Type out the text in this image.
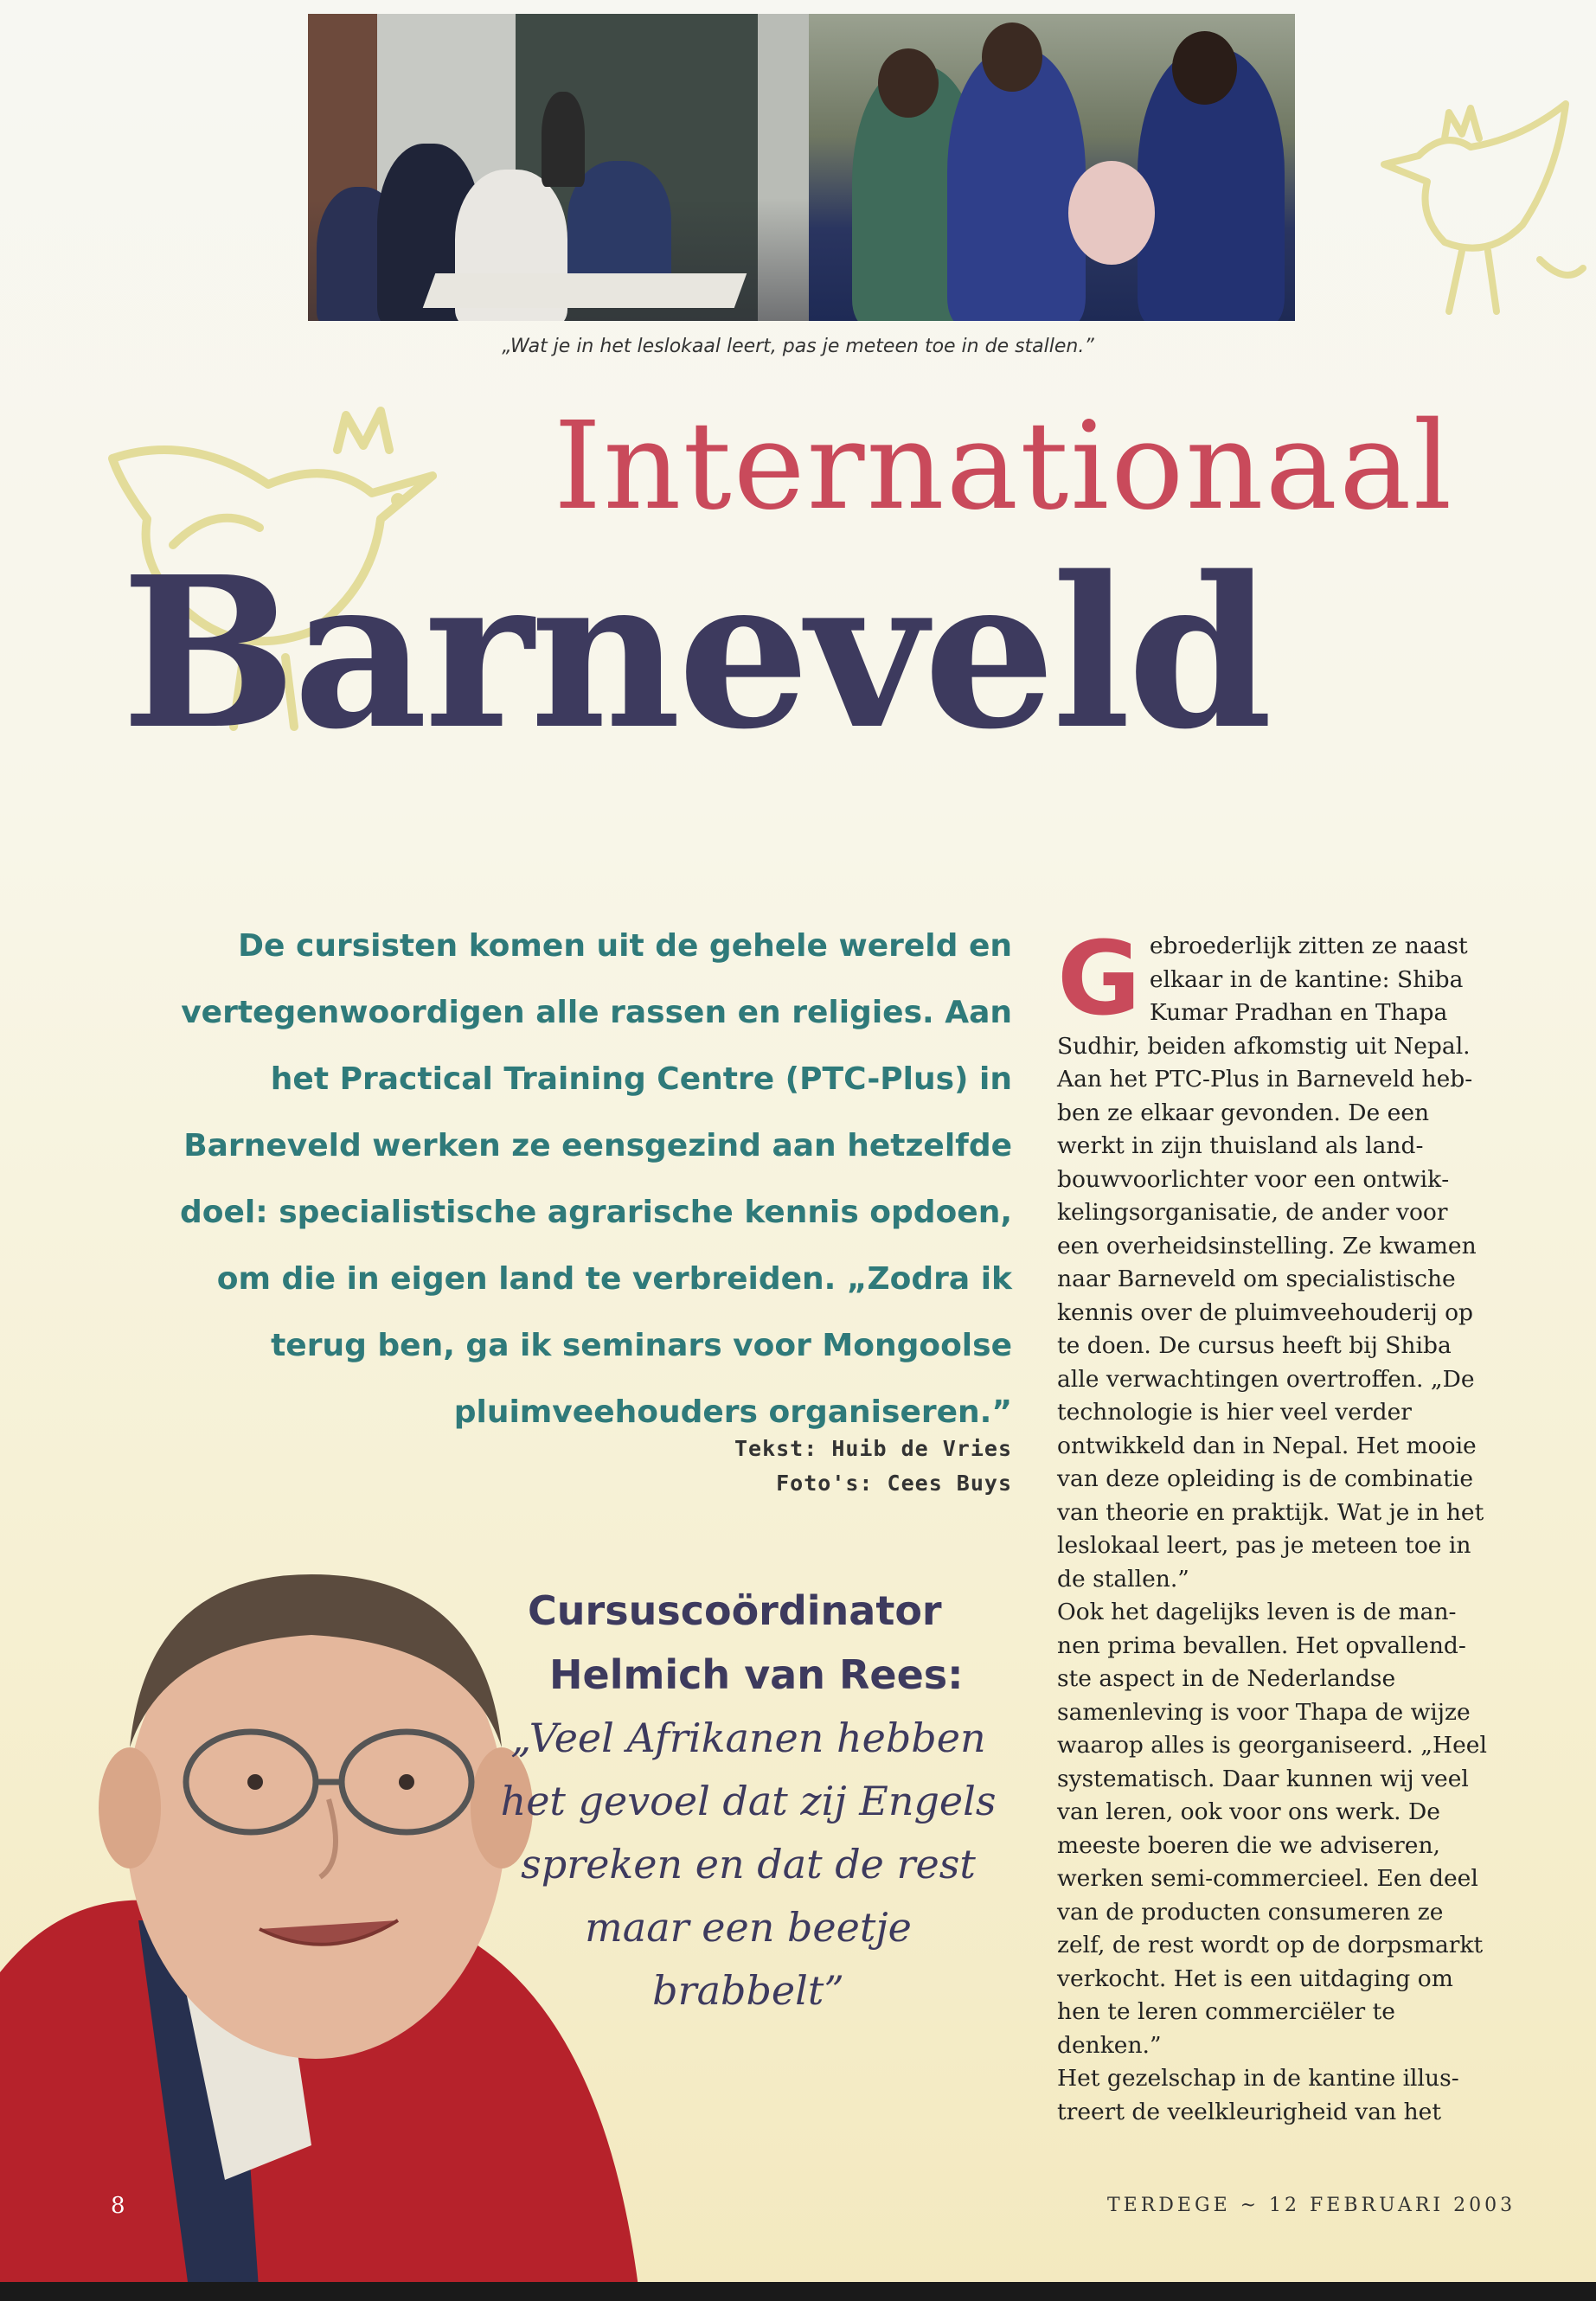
„Wat je in het leslokaal leert, pas je meteen toe in de stallen.”
Internationaal
Barneveld

De cursisten komen uit de gehele wereld en vertegenwoordigen alle rassen en religies. Aan het Practical Training Centre (PTC-Plus) in Barneveld werken ze eensgezind aan hetzelfde doel: specialistische agrarische kennis opdoen, om die in eigen land te verbreiden. „Zodra ik terug ben, ga ik seminars voor Mongoolse pluimveehouders organiseren.”

Tekst: Huib de Vries
Foto's: Cees Buys
Cursuscoördinator
Helmich van Rees:
„Veel Afrikanen hebben het gevoel dat zij Engels spreken en dat de rest maar een beetje brabbelt”
G ebroederlijk zitten ze naast elkaar in de kantine: Shiba Kumar Pradhan en Thapa Sudhir, beiden afkomstig uit Nepal. Aan het PTC-Plus in Barneveld hebben ze elkaar gevonden. De een werkt in zijn thuisland als landbouwvoorlichter voor een ontwikkelingsorganisatie, de ander voor een overheidsinstelling. Ze kwamen naar Barneveld om specialistische kennis over de pluimveehouderij op te doen. De cursus heeft bij Shiba alle verwachtingen overtroffen. „De technologie is hier veel verder ontwikkeld dan in Nepal. Het mooie van deze opleiding is de combinatie van theorie en praktijk. Wat je in het leslokaal leert, pas je meteen toe in de stallen.”

Ook het dagelijks leven is de mannen prima bevallen. Het opvallendste aspect in de Nederlandse samenleving is voor Thapa de wijze waarop alles is georganiseerd. „Heel systematisch. Daar kunnen wij veel van leren, ook voor ons werk. De meeste boeren die we adviseren, werken semi-commercieel. Een deel van de producten consumeren ze zelf, de rest wordt op de dorpsmarkt verkocht. Het is een uitdaging om hen te leren commerciëler te denken.”

Het gezelschap in de kantine illustreert de veelkleurigheid van het

8	TERDEGE ~ 12 FEBRUARI 2003
